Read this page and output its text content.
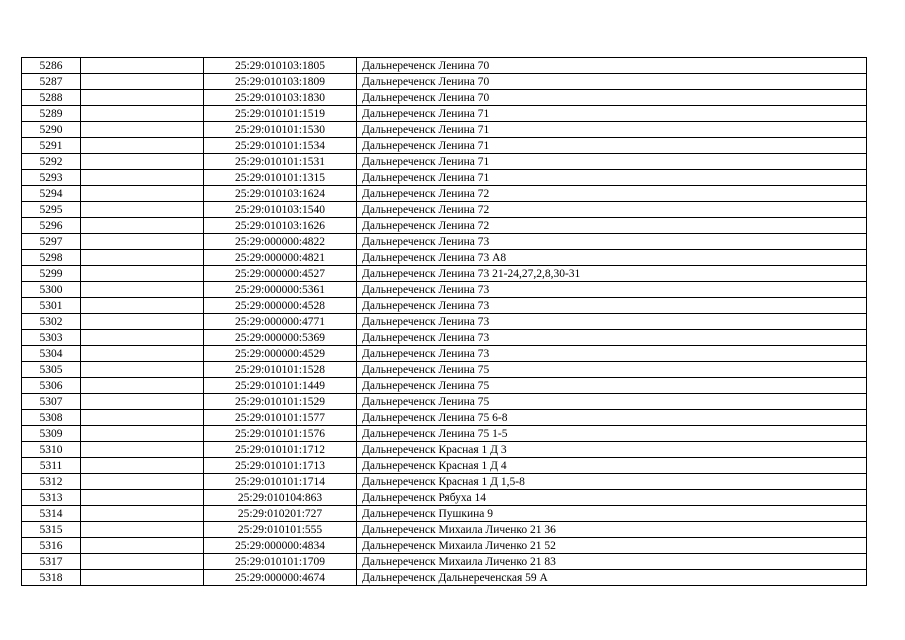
5286		25:29:010103:1805	Дальнереченск Ленина 70
5287		25:29:010103:1809	Дальнереченск Ленина 70
5288		25:29:010103:1830	Дальнереченск Ленина 70
5289		25:29:010101:1519	Дальнереченск Ленина 71
5290		25:29:010101:1530	Дальнереченск Ленина 71
5291		25:29:010101:1534	Дальнереченск Ленина 71
5292		25:29:010101:1531	Дальнереченск Ленина 71
5293		25:29:010101:1315	Дальнереченск Ленина 71
5294		25:29:010103:1624	Дальнереченск Ленина 72
5295		25:29:010103:1540	Дальнереченск Ленина 72
5296		25:29:010103:1626	Дальнереченск Ленина 72
5297		25:29:000000:4822	Дальнереченск Ленина 73
5298		25:29:000000:4821	Дальнереченск Ленина 73 А8
5299		25:29:000000:4527	Дальнереченск Ленина 73 21-24,27,2,8,30-31
5300		25:29:000000:5361	Дальнереченск Ленина 73
5301		25:29:000000:4528	Дальнереченск Ленина 73
5302		25:29:000000:4771	Дальнереченск Ленина 73
5303		25:29:000000:5369	Дальнереченск Ленина 73
5304		25:29:000000:4529	Дальнереченск Ленина 73
5305		25:29:010101:1528	Дальнереченск Ленина 75
5306		25:29:010101:1449	Дальнереченск Ленина 75
5307		25:29:010101:1529	Дальнереченск Ленина 75
5308		25:29:010101:1577	Дальнереченск Ленина 75 6-8
5309		25:29:010101:1576	Дальнереченск Ленина 75 1-5
5310		25:29:010101:1712	Дальнереченск Красная 1 Д 3
5311		25:29:010101:1713	Дальнереченск Красная 1 Д 4
5312		25:29:010101:1714	Дальнереченск Красная 1 Д 1,5-8
5313		25:29:010104:863	Дальнереченск Рябуха 14
5314		25:29:010201:727	Дальнереченск Пушкина 9
5315		25:29:010101:555	Дальнереченск Михаила Личенко 21 36
5316		25:29:000000:4834	Дальнереченск Михаила Личенко 21 52
5317		25:29:010101:1709	Дальнереченск Михаила Личенко 21 83
5318		25:29:000000:4674	Дальнереченск Дальнереченская 59 А
